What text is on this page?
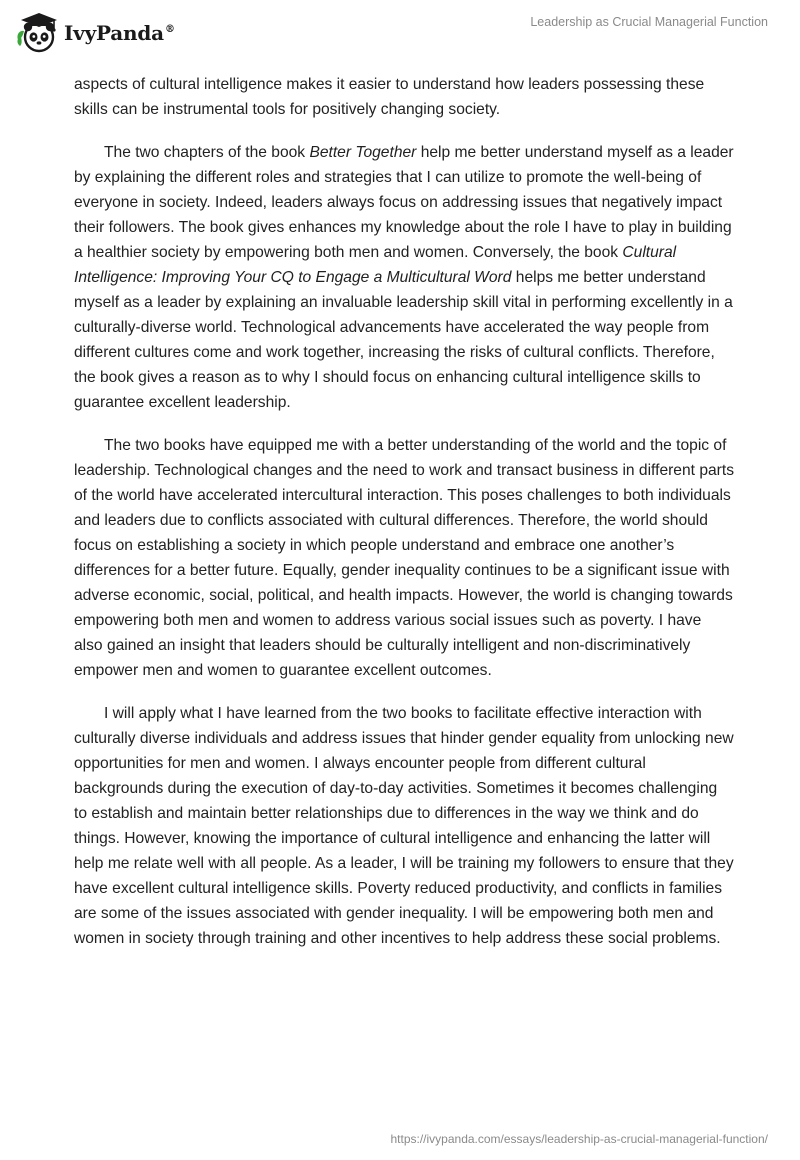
IvyPanda®
Leadership as Crucial Managerial Function

aspects of cultural intelligence makes it easier to understand how leaders possessing these skills can be instrumental tools for positively changing society.

The two chapters of the book Better Together help me better understand myself as a leader by explaining the different roles and strategies that I can utilize to promote the well-being of everyone in society. Indeed, leaders always focus on addressing issues that negatively impact their followers. The book gives enhances my knowledge about the role I have to play in building a healthier society by empowering both men and women. Conversely, the book Cultural Intelligence: Improving Your CQ to Engage a Multicultural Word helps me better understand myself as a leader by explaining an invaluable leadership skill vital in performing excellently in a culturally-diverse world. Technological advancements have accelerated the way people from different cultures come and work together, increasing the risks of cultural conflicts. Therefore, the book gives a reason as to why I should focus on enhancing cultural intelligence skills to guarantee excellent leadership.

The two books have equipped me with a better understanding of the world and the topic of leadership. Technological changes and the need to work and transact business in different parts of the world have accelerated intercultural interaction. This poses challenges to both individuals and leaders due to conflicts associated with cultural differences. Therefore, the world should focus on establishing a society in which people understand and embrace one another’s differences for a better future. Equally, gender inequality continues to be a significant issue with adverse economic, social, political, and health impacts. However, the world is changing towards empowering both men and women to address various social issues such as poverty. I have also gained an insight that leaders should be culturally intelligent and non-discriminatively empower men and women to guarantee excellent outcomes.

I will apply what I have learned from the two books to facilitate effective interaction with culturally diverse individuals and address issues that hinder gender equality from unlocking new opportunities for men and women. I always encounter people from different cultural backgrounds during the execution of day-to-day activities. Sometimes it becomes challenging to establish and maintain better relationships due to differences in the way we think and do things. However, knowing the importance of cultural intelligence and enhancing the latter will help me relate well with all people. As a leader, I will be training my followers to ensure that they have excellent cultural intelligence skills. Poverty reduced productivity, and conflicts in families are some of the issues associated with gender inequality. I will be empowering both men and women in society through training and other incentives to help address these social problems.

https://ivypanda.com/essays/leadership-as-crucial-managerial-function/
